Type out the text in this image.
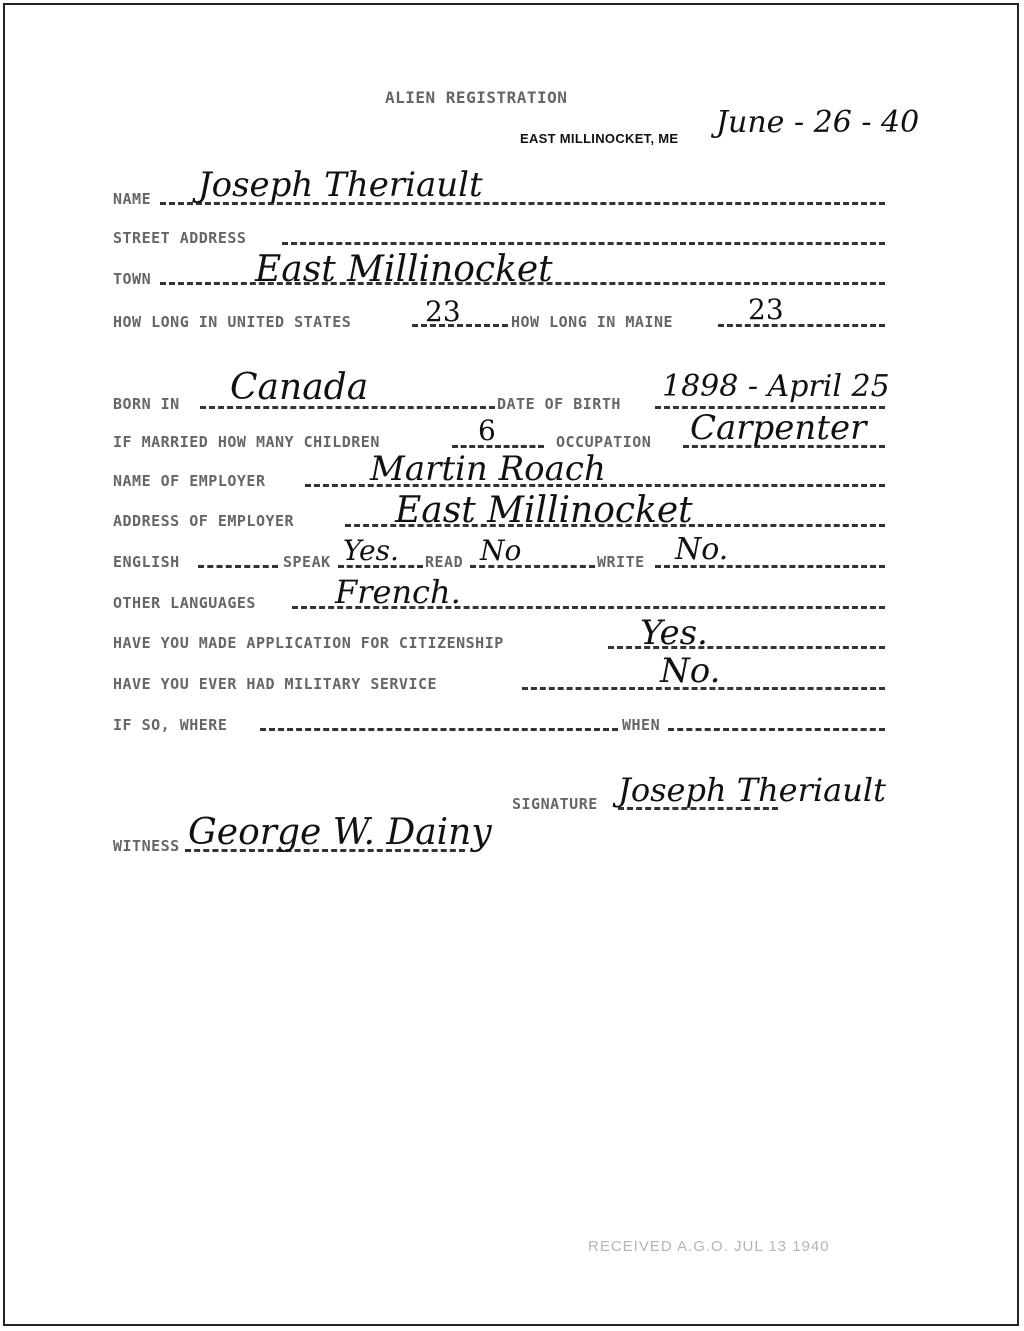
ALIEN REGISTRATION
EAST MILLINOCKET, ME June - 26 - 40
NAME Joseph Theriault
STREET ADDRESS
TOWN	East Millinocket
HOW LONG IN UNITED STATES	23	HOW LONG IN MAINE	23
BORN IN Canada	DATE OF BIRTH 1898 - April 25
IF MARRIED HOW MANY CHILDREN	6	OCCUPATION Carpenter
NAME OF EMPLOYER	Martin Roach
ADDRESS OF EMPLOYER	East Millinocket
ENGLISH	SPEAK Yes. READ No	WRITE No.
OTHER LANGUAGES French.
HAVE YOU MADE APPLICATION FOR CITIZENSHIP	Yes.
HAVE YOU EVER HAD MILITARY SERVICE	No.
IF SO, WHERE	WHEN
SIGNATURE Joseph Theriault
WITNESS George W. Dainy
RECEIVED A.G.O. JUL 13 1940
